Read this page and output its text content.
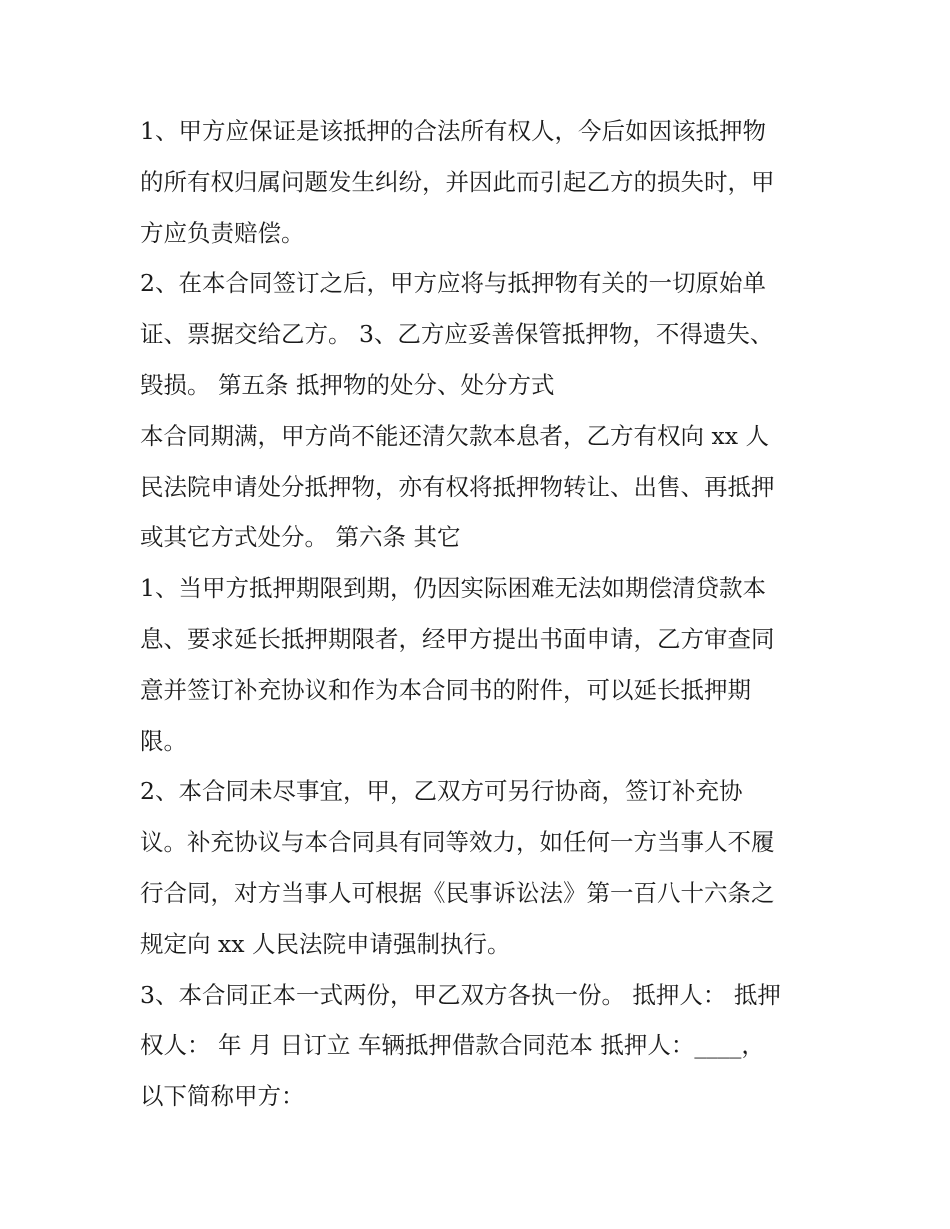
1、甲方应保证是该抵押的合法所有权人，今后如因该抵押物
的所有权归属问题发生纠纷，并因此而引起乙方的损失时，甲
方应负责赔偿。
2、在本合同签订之后，甲方应将与抵押物有关的一切原始单
证、票据交给乙方。 3、乙方应妥善保管抵押物，不得遗失、
毁损。 第五条 抵押物的处分、处分方式
本合同期满，甲方尚不能还清欠款本息者，乙方有权向 xx 人
民法院申请处分抵押物，亦有权将抵押物转让、出售、再抵押
或其它方式处分。 第六条 其它
1、当甲方抵押期限到期，仍因实际困难无法如期偿清贷款本
息、要求延长抵押期限者，经甲方提出书面申请，乙方审查同
意并签订补充协议和作为本合同书的附件，可以延长抵押期
限。
2、本合同未尽事宜，甲，乙双方可另行协商，签订补充协
议。补充协议与本合同具有同等效力，如任何一方当事人不履
行合同，对方当事人可根据《民事诉讼法》第一百八十六条之
规定向 xx 人民法院申请强制执行。
3、本合同正本一式两份，甲乙双方各执一份。 抵押人： 抵押
权人： 年 月 日订立 车辆抵押借款合同范本 抵押人：____，
以下简称甲方：
